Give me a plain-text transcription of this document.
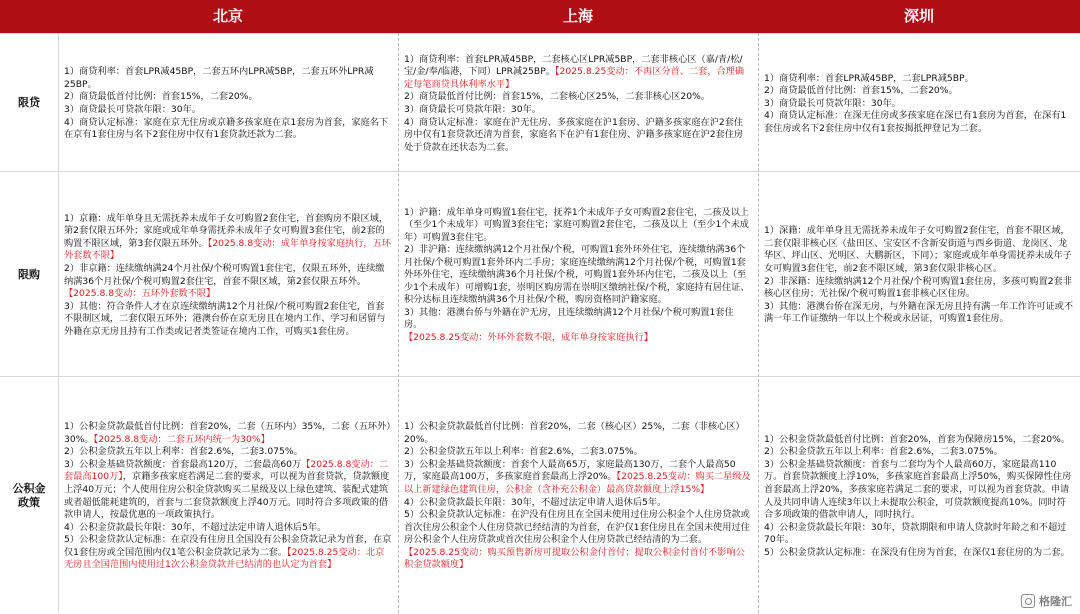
北京	上海	深圳
限贷

1）商贷利率：首套LPR减45BP，二套五环内LPR减5BP，二套五环外LPR减25BP。

2）商贷最低首付比例：首套15%，二套20%。

3）商贷最长可贷款年限：30年。

4）商贷认定标准：家庭在京无住房或京籍多孩家庭在京1套房为首套，家庭名下在京有1套住房与名下2套住房中仅有1套贷款还款为二套。

1）商贷利率：首套LPR减45BP，二套核心区LPR减5BP，二套非核心区（嘉/青/松/宝/金/奉/临港，下同）LPR减25BP。【2025.8.25变动：不再区分首、二套，合理确定每笔商贷具体利率水平】

2）商贷最低首付比例：首套15%，二套核心区25%，二套非核心区20%。

3）商贷最长可贷款年限：30年。

4）商贷认定标准：家庭在沪无住房、多孩家庭在沪1套房、沪籍多孩家庭在沪2套住房中仅有1套贷款还清为首套，家庭名下在沪有1套住房、沪籍多孩家庭在沪2套住房处于贷款在还状态为二套。

1）商贷利率：首套LPR减45BP，二套LPR减5BP。

2）商贷最低首付比例：首套15%，二套20%。

3）商贷最长可贷款年限：30年。

4）商贷认定标准：在深无住房或多孩家庭在深已有1套房为首套，在深有1套住房或名下2套住房中仅有1套按揭抵押登记为二套。

限购

1）京籍：成年单身且无需抚养未成年子女可购置2套住宅，首套购房不限区域，第2套仅限五环外；家庭或成年单身需抚养未成年子女可购置3套住宅，前2套的购置不限区域，第3套仅限五环外。【2025.8.8变动：成年单身按家庭执行，五环外套数不限】

2）非京籍：连续缴纳满24个月社保/个税可购置1套住宅，仅限五环外，连续缴纳满36个月社保/个税可购置2套住宅，首套不限区域，第2套仅限五环外。【2025.8.8变动：五环外套数不限】

3）其他：符合条件人才在京连续缴纳满12个月社保/个税可购置2套住宅，首套不限制区域，二套仅限五环外；港澳台侨在京无房且在境内工作、学习和居留与外籍在京无房且持有工作类或记者类签证在境内工作，可购买1套住房。

1）沪籍：成年单身可购置1套住宅，抚养1个未成年子女可购置2套住宅，二孩及以上（至少1个未成年）可购置3套住宅；家庭可购置2套住宅，二孩及以上（至少1个未成年）可购置3套住宅。

2）非沪籍：连续缴纳满12个月社保/个税，可购置1套外环外住宅，连续缴纳满36个月社保/个税可购置1套外环内二手房；家庭连续缴纳满12个月社保/个税，可购置1套外环外住宅，连续缴纳满36个月社保/个税，可购置1套外环内住宅，二孩及以上（至少1个未成年）可增购1套，崇明区购房需在崇明区缴纳社保/个税，家庭持有居住证、积分达标且连续缴纳满36个月社保/个税，购房资格同沪籍家庭。

3）其他：港澳台侨与外籍在沪无房，且连续缴纳满12个月社保/个税可购置1套住房。

【2025.8.25变动：外环外套数不限，成年单身按家庭执行】

1）深籍：成年单身且无需抚养未成年子女可购置2套住宅，首套不限区域，二套仅限非核心区（盐田区、宝安区不含新安街道与西乡街道、龙岗区、龙华区、坪山区、光明区、大鹏新区，下同）；家庭或成年单身需抚养未成年子女可购置3套住宅，前2套不限区域，第3套仅限非核心区。

2）非深籍：连续缴纳满12个月社保/个税可购置1套住房，多孩可购置2套非核心区住房；无社保/个税可购置1套非核心区住房。

3）其他：港澳台侨在深无房，与外籍在深无房且持有满一年工作许可证或不满一年工作证缴纳一年以上个税或永居证，可购置1套住房。

公积金政策

1）公积金贷款最低首付比例：首套20%，二套（五环内）35%，二套（五环外）30%。【2025.8.8变动：二套五环内统一为30%】

2）公积金贷款五年以上利率：首套2.6%，二套3.075%。

3）公积金基础贷款额度：首套最高120万，二套最高60万【2025.8.8变动：二套最高100万】，京籍多孩家庭若满足二套的要求，可以视为首套贷款，贷款额度上浮40万元；个人使用住房公积金贷款购买二星级及以上绿色建筑、装配式建筑或者超低能耗建筑的，首套与二套贷款额度上浮40万元。同时符合多项政策的借款申请人，按最优惠的一项政策执行。

4）公积金贷款最长年限：30年，不超过法定申请人退休后5年。

5）公积金贷款认定标准：在京没有住房且全国没有公积金贷款记录为首套，在京仅1套住房或全国范围内仅1笔公积金贷款记录为二套。【2025.8.25变动：北京无房且全国范围内使用过1次公积金贷款并已结清的也认定为首套】

1）公积金贷款最低首付比例：首套20%，二套（核心区）25%，二套（非核心区）20%。

2）公积金贷款五年以上利率：首套2.6%，二套3.075%。

3）公积金基础贷款额度：首套个人最高65万，家庭最高130万，二套个人最高50万，家庭最高100万，多孩家庭首套最高上浮20%。【2025.8.25变动：购买二星级及以上新建绿色建筑住房，公积金（含补充公积金）最高贷款额度上浮15%】

4）公积金贷款最长年限：30年，不超过法定申请人退休后5年。

5）公积金贷款认定标准：在沪没有住房且在全国未使用过住房公积金个人住房贷款或首次住房公积金个人住房贷款已经结清的为首套，在沪仅1套住房且在全国未使用过住房公积金个人住房贷款或首次住房公积金个人住房贷款已经结清的为二套。

【2025.8.25变动：购买预售新房可提取公积金付首付；提取公积金付首付不影响公积金贷款额度】

1）公积金贷款最低首付比例：首套20%，首套为保障房15%，二套20%。

2）公积金贷款五年以上利率：首套2.6%，二套3.075%。

3）公积金基础贷款额度：首套与二套均为个人最高60万，家庭最高110万。首套贷款额度上浮10%，多孩家庭首套最高上浮50%，购买保障性住房首套最高上浮20%，多孩家庭若满足二套的要求，可以视为首套贷款。申请人及共同申请人连续3年以上未提取公积金，可贷款额度提高10%。同时符合多项政策的借款申请人，同时执行。

4）公积金贷款最长年限：30年，贷款期限和申请人贷款时年龄之和不超过70年。

5）公积金贷款认定标准：在深没有住房为首套，在深仅1套住房的为二套。

格隆汇
